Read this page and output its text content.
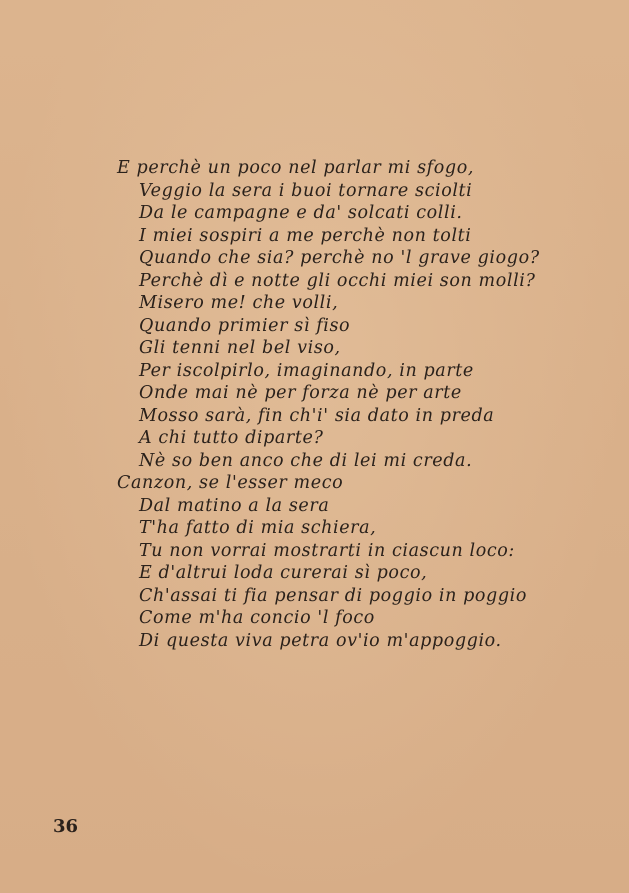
E perchè un poco nel parlar mi sfogo,
Veggio la sera i buoi tornare sciolti
Da le campagne e da' solcati colli.
I miei sospiri a me perchè non tolti
Quando che sia? perchè no 'l grave giogo?
Perchè dì e notte gli occhi miei son molli?
Misero me! che volli,
Quando primier sì fiso
Gli tenni nel bel viso,
Per iscolpirlo, imaginando, in parte
Onde mai nè per forza nè per arte
Mosso sarà, fin ch'i' sia dato in preda
A chi tutto diparte?
Nè so ben anco che di lei mi creda.
Canzon, se l'esser meco
Dal matino a la sera
T'ha fatto di mia schiera,
Tu non vorrai mostrarti in ciascun loco:
E d'altrui loda curerai sì poco,
Ch'assai ti fia pensar di poggio in poggio
Come m'ha concio 'l foco
Di questa viva petra ov'io m'appoggio.
36
